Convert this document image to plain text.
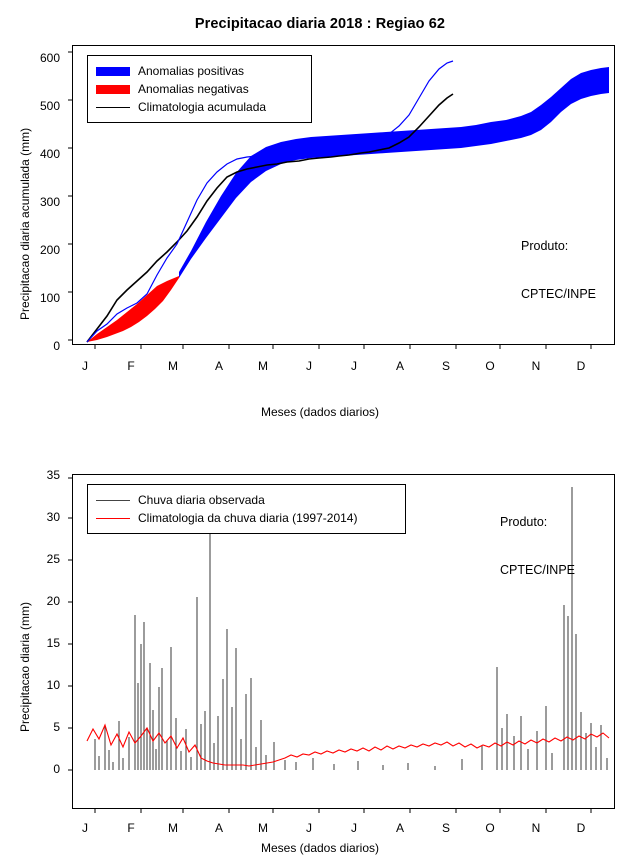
Precipitacao diaria 2018 : Regiao 62
Precipitacao diaria acumulada (mm)
0
100
200
300
400
500
600
Anomalias positivas
Anomalias negativas
Climatologia acumulada

Produto:

CPTEC/INPE

J	F	M	A	M	J	J	A	S	O	N	D
Meses (dados diarios)
Precipitacao diaria (mm)
0
5
10
15
20
25
30
35
Chuva diaria observada
Climatologia da chuva diaria (1997-2014)

	Produto:

CPTEC/INPE

J	F	M	A	M	J	J	A	S	O	N	D
Meses (dados diarios)
